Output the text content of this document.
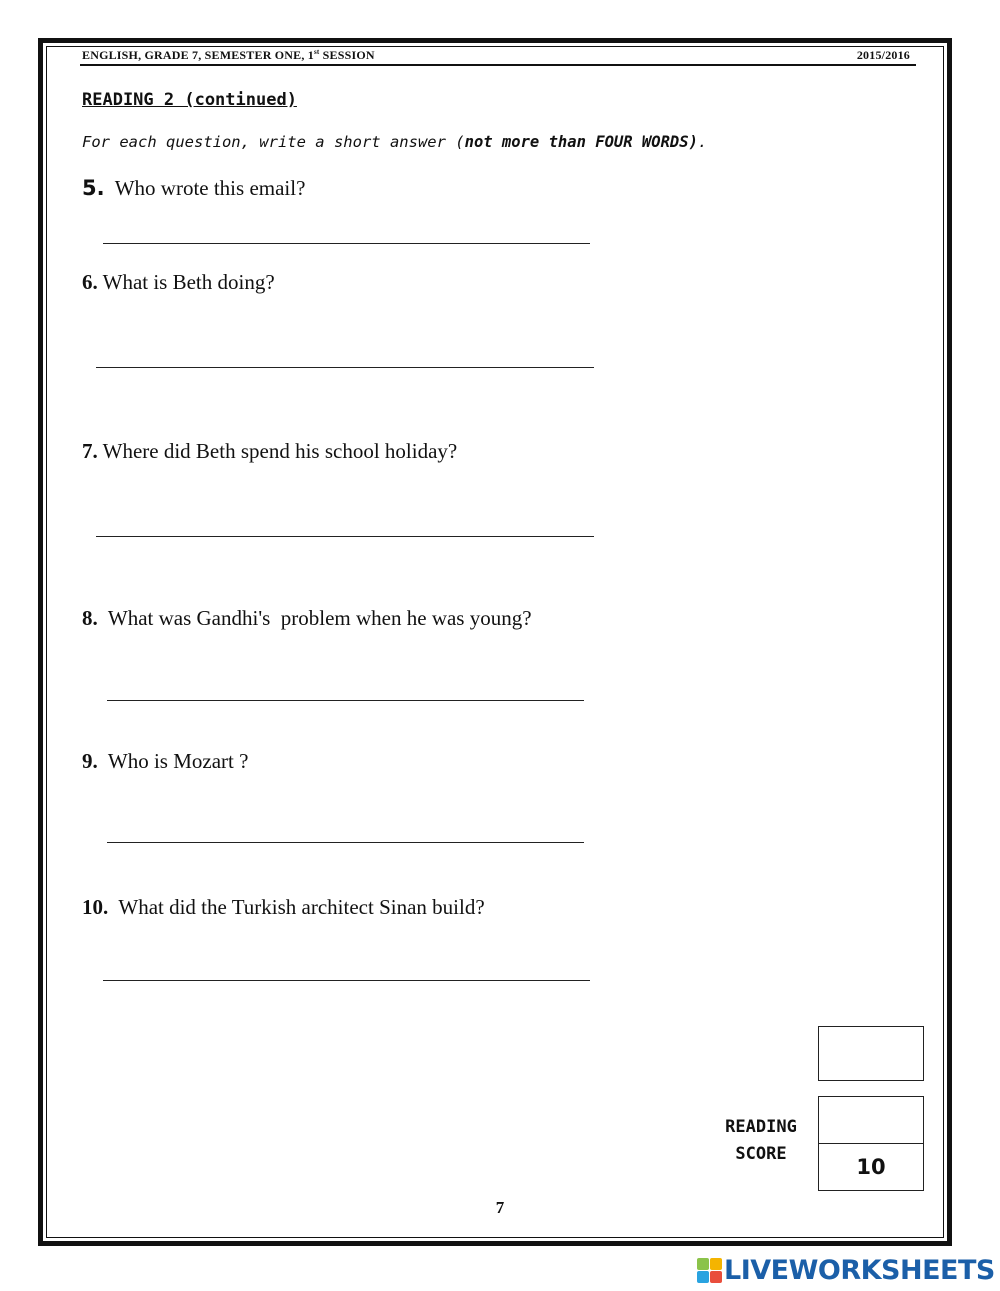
ENGLISH, GRADE 7, SEMESTER ONE, 1st SESSION	2015/2016
READING 2 (continued)
For each question, write a short answer (not more than FOUR WORDS).
5.  Who wrote this email?
6. What is Beth doing?
7. Where did Beth spend his school holiday?
8.  What was Gandhi's  problem when he was young?
9.  Who is Mozart ?
10.  What did the Turkish architect Sinan build?
10
READING
SCORE
7
LIVEWORKSHEETS
